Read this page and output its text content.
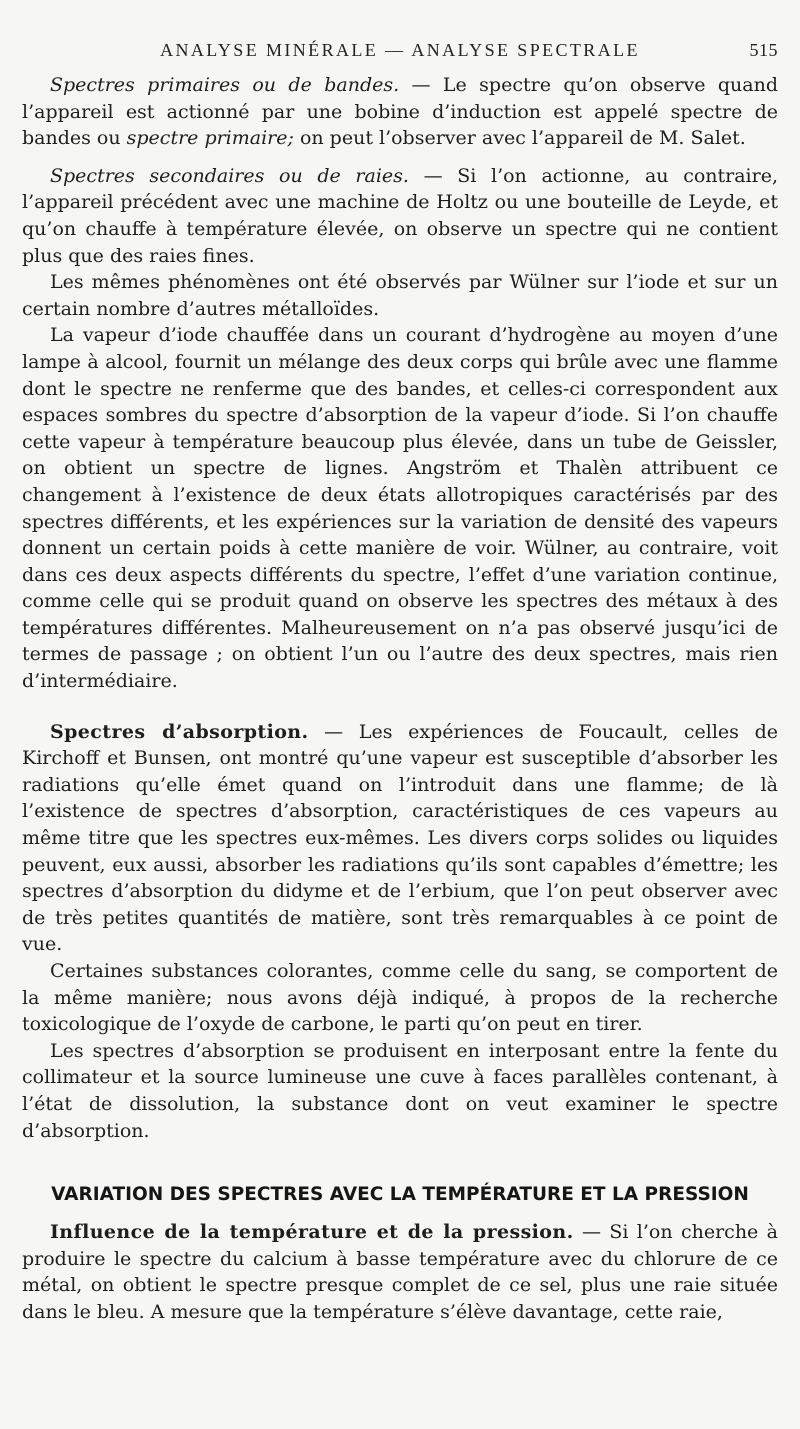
ANALYSE MINÉRALE — ANALYSE SPECTRALE	515

Spectres primaires ou de bandes. — Le spectre qu’on observe quand l’appareil est actionné par une bobine d’induction est appelé spectre de bandes ou spectre primaire; on peut l’observer avec l’appareil de M. Salet.

Spectres secondaires ou de raies. — Si l’on actionne, au contraire, l’appareil précédent avec une machine de Holtz ou une bouteille de Leyde, et qu’on chauffe à température élevée, on observe un spectre qui ne contient plus que des raies fines.

Les mêmes phénomènes ont été observés par Wülner sur l’iode et sur un certain nombre d’autres métalloïdes.

La vapeur d’iode chauffée dans un courant d’hydrogène au moyen d’une lampe à alcool, fournit un mélange des deux corps qui brûle avec une flamme dont le spectre ne renferme que des bandes, et celles-ci correspondent aux espaces sombres du spectre d’absorption de la vapeur d’iode. Si l’on chauffe cette vapeur à température beaucoup plus élevée, dans un tube de Geissler, on obtient un spectre de lignes. Angström et Thalèn attribuent ce changement à l’existence de deux états allotropiques caractérisés par des spectres différents, et les expériences sur la variation de densité des vapeurs donnent un certain poids à cette manière de voir. Wülner, au contraire, voit dans ces deux aspects différents du spectre, l’effet d’une variation continue, comme celle qui se produit quand on observe les spectres des métaux à des températures différentes. Malheureusement on n’a pas observé jusqu’ici de termes de passage ; on obtient l’un ou l’autre des deux spectres, mais rien d’intermédiaire.

Spectres d’absorption. — Les expériences de Foucault, celles de Kirchoff et Bunsen, ont montré qu’une vapeur est susceptible d’absorber les radiations qu’elle émet quand on l’introduit dans une flamme; de là l’existence de spectres d’absorption, caractéristiques de ces vapeurs au même titre que les spectres eux-mêmes. Les divers corps solides ou liquides peuvent, eux aussi, absorber les radiations qu’ils sont capables d’émettre; les spectres d’absorption du didyme et de l’erbium, que l’on peut observer avec de très petites quantités de matière, sont très remarquables à ce point de vue.

Certaines substances colorantes, comme celle du sang, se comportent de la même manière; nous avons déjà indiqué, à propos de la recherche toxicologique de l’oxyde de carbone, le parti qu’on peut en tirer.

Les spectres d’absorption se produisent en interposant entre la fente du collimateur et la source lumineuse une cuve à faces parallèles contenant, à l’état de dissolution, la substance dont on veut examiner le spectre d’absorption.

VARIATION DES SPECTRES AVEC LA TEMPÉRATURE ET LA PRESSION

Influence de la température et de la pression. — Si l’on cherche à produire le spectre du calcium à basse température avec du chlorure de ce métal, on obtient le spectre presque complet de ce sel, plus une raie située dans le bleu. A mesure que la température s’élève davantage, cette raie,
